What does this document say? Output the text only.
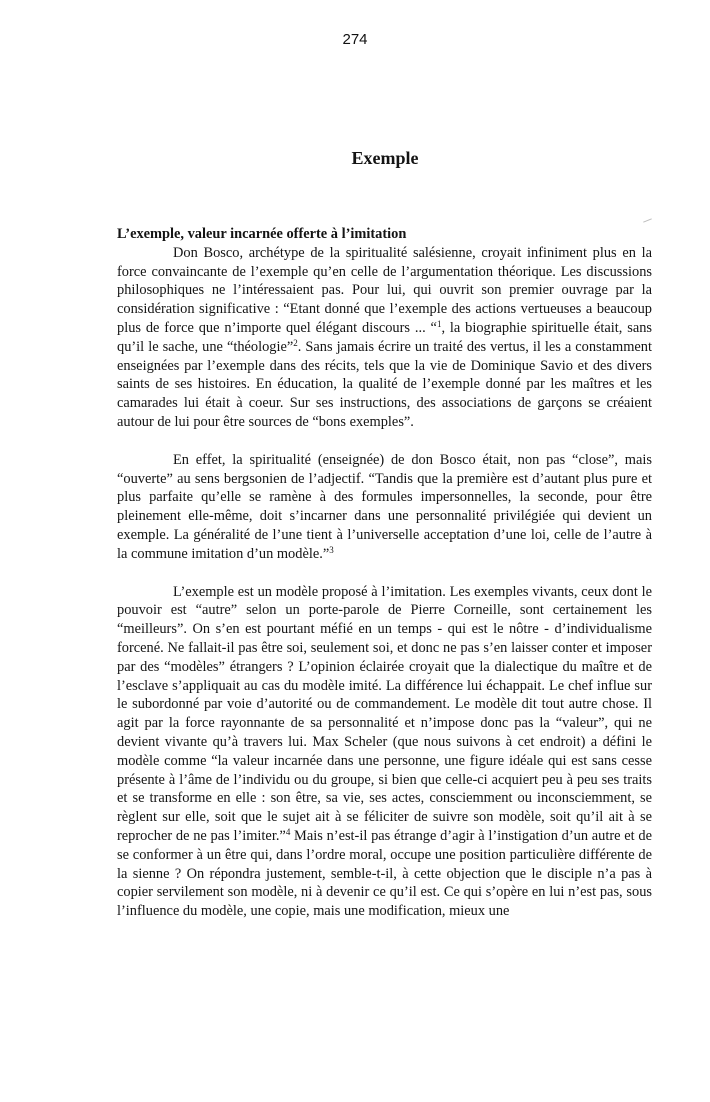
274
Exemple

L’exemple, valeur incarnée offerte à l’imitation

Don Bosco, archétype de la spiritualité salésienne, croyait infiniment plus en la force convaincante de l’exemple qu’en celle de l’argumentation théorique. Les discussions philosophiques ne l’intéressaient pas. Pour lui, qui ouvrit son premier ouvrage par la considération significative : “Etant donné que l’exemple des actions vertueuses a beaucoup plus de force que n’importe quel élégant discours ... “$^1$, la biographie spirituelle était, sans qu’il le sache, une “théologie”$^2$. Sans jamais écrire un traité des vertus, il les a constamment enseignées par l’exemple dans des récits, tels que la vie de Dominique Savio et des divers saints de ses histoires. En éducation, la qualité de l’exemple donné par les maîtres et les camarades lui était à coeur. Sur ses instructions, des associations de garçons se créaient autour de lui pour être sources de “bons exemples”.

En effet, la spiritualité (enseignée) de don Bosco était, non pas “close”, mais “ouverte” au sens bergsonien de l’adjectif. “Tandis que la première est d’autant plus pure et plus parfaite qu’elle se ramène à des formules impersonnelles, la seconde, pour être pleinement elle-même, doit s’incarner dans une personnalité privilégiée qui devient un exemple. La généralité de l’une tient à l’universelle acceptation d’une loi, celle de l’autre à la commune imitation d’un modèle.”$^3$

L’exemple est un modèle proposé à l’imitation. Les exemples vivants, ceux dont le pouvoir est “autre” selon un porte-parole de Pierre Corneille, sont certainement les “meilleurs”. On s’en est pourtant méfié en un temps - qui est le nôtre - d’individualisme forcené. Ne fallait-il pas être soi, seulement soi, et donc ne pas s’en laisser conter et imposer par des “modèles” étrangers ? L’opinion éclairée croyait que la dialectique du maître et de l’esclave s’appliquait au cas du modèle imité. La différence lui échappait. Le chef influe sur le subordonné par voie d’autorité ou de commandement. Le modèle dit tout autre chose. Il agit par la force rayonnante de sa personnalité et n’impose donc pas la “valeur”, qui ne devient vivante qu’à travers lui. Max Scheler (que nous suivons à cet endroit) a défini le modèle comme “la valeur incarnée dans une personne, une figure idéale qui est sans cesse présente à l’âme de l’individu ou du groupe, si bien que celle-ci acquiert peu à peu ses traits et se transforme en elle : son être, sa vie, ses actes, consciemment ou inconsciemment, se règlent sur elle, soit que le sujet ait à se féliciter de suivre son modèle, soit qu’il ait à se reprocher de ne pas l’imiter.”$^4$ Mais n’est-il pas étrange d’agir à l’instigation d’un autre et de se conformer à un être qui, dans l’ordre moral, occupe une position particulière différente de la sienne ? On répondra justement, semble-t-il, à cette objection que le disciple n’a pas à copier servilement son modèle, ni à devenir ce qu’il est. Ce qui s’opère en lui n’est pas, sous l’influence du modèle, une copie, mais une modification, mieux une
